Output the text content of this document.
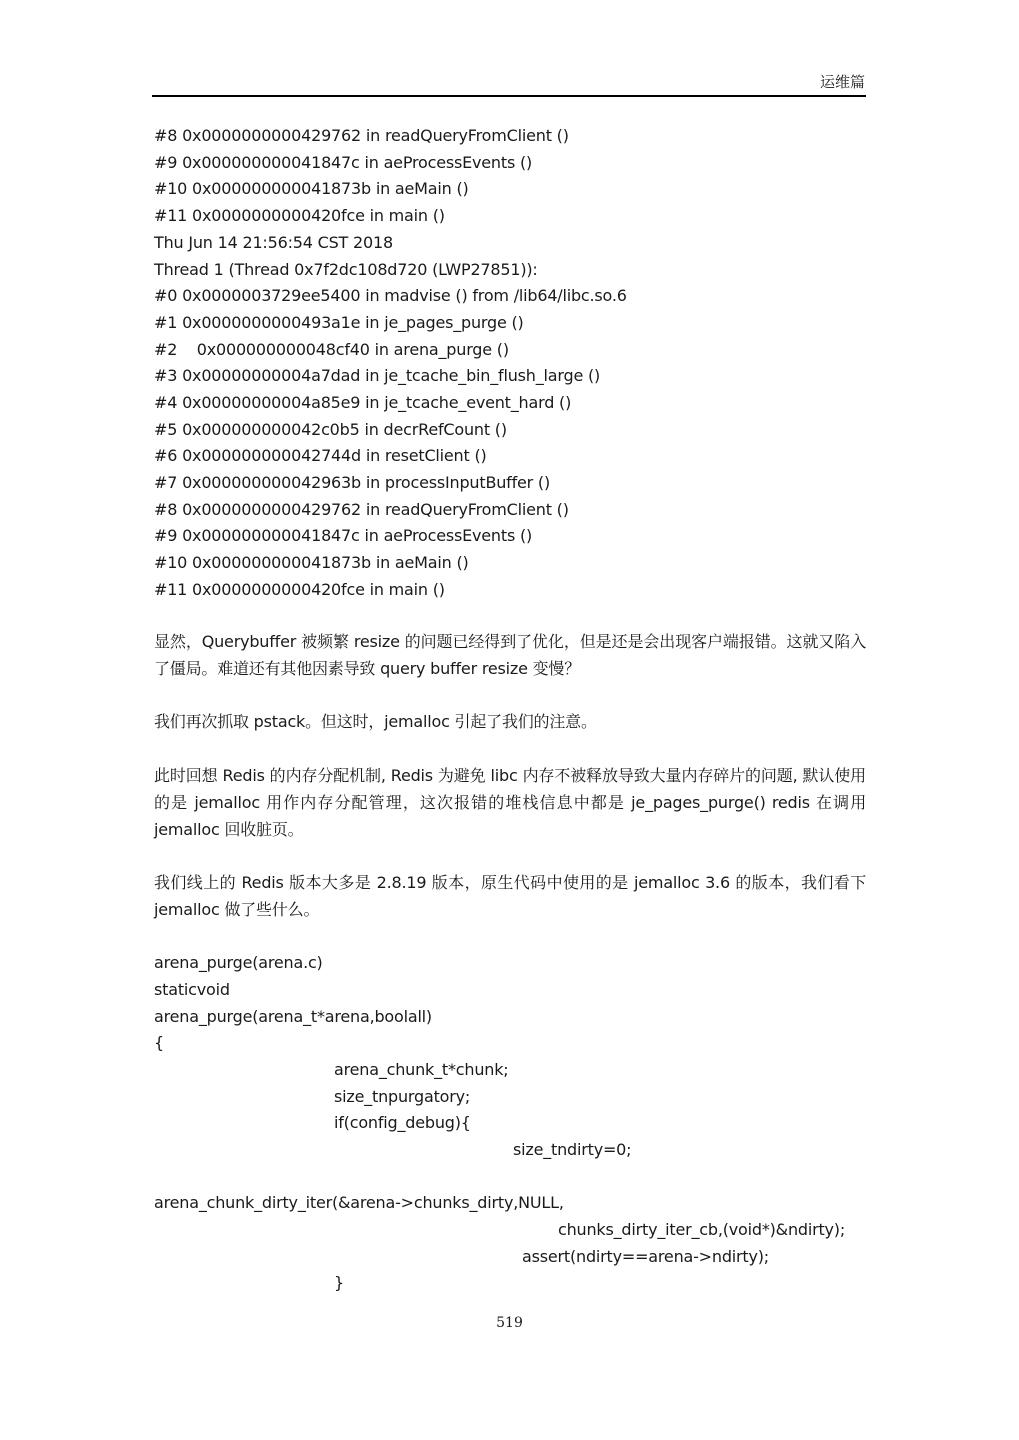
运维篇
#8 0x0000000000429762 in readQueryFromClient ()
#9 0x000000000041847c in aeProcessEvents ()
#10 0x000000000041873b in aeMain ()
#11 0x0000000000420fce in main ()
Thu Jun 14 21:56:54 CST 2018
Thread 1 (Thread 0x7f2dc108d720 (LWP27851)):
#0 0x0000003729ee5400 in madvise () from /lib64/libc.so.6
#1 0x0000000000493a1e in je_pages_purge ()
#2    0x000000000048cf40 in arena_purge ()
#3 0x00000000004a7dad in je_tcache_bin_flush_large ()
#4 0x00000000004a85e9 in je_tcache_event_hard ()
#5 0x000000000042c0b5 in decrRefCount ()
#6 0x000000000042744d in resetClient ()
#7 0x000000000042963b in processInputBuffer ()
#8 0x0000000000429762 in readQueryFromClient ()
#9 0x000000000041847c in aeProcessEvents ()
#10 0x000000000041873b in aeMain ()
#11 0x0000000000420fce in main ()
显然，Querybuffer 被频繁 resize 的问题已经得到了优化，但是还是会出现客户端报错。这就又陷入了僵局。难道还有其他因素导致 query buffer resize 变慢？
我们再次抓取 pstack。但这时，jemalloc 引起了我们的注意。
此时回想 Redis 的内存分配机制, Redis 为避免 libc 内存不被释放导致大量内存碎片的问题, 默认使用的是 jemalloc 用作内存分配管理，这次报错的堆栈信息中都是 je_pages_purge() redis 在调用 jemalloc 回收脏页。
我们线上的 Redis 版本大多是 2.8.19 版本，原生代码中使用的是 jemalloc 3.6 的版本，我们看下 jemalloc 做了些什么。
arena_purge(arena.c)
staticvoid
arena_purge(arena_t*arena,boolall)
{
arena_chunk_t*chunk;
size_tnpurgatory;
if(config_debug){
size_tndirty=0;
arena_chunk_dirty_iter(&arena->chunks_dirty,NULL,
chunks_dirty_iter_cb,(void*)&ndirty);
assert(ndirty==arena->ndirty);
}
519
